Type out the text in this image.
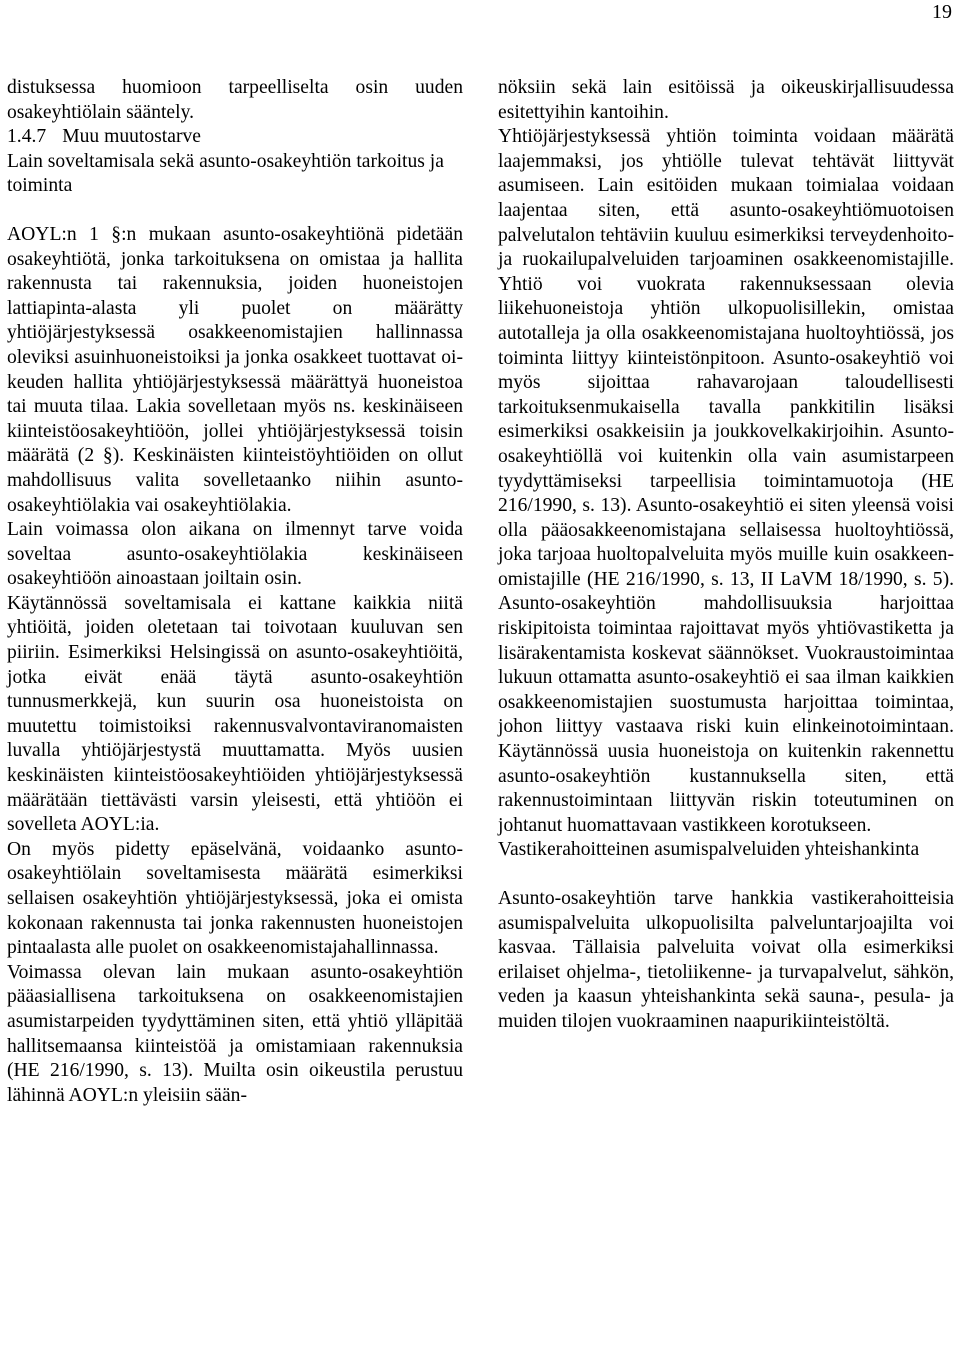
19

distuksessa huomioon tarpeelliselta osin uuden osakeyhtiölain sääntely.

1.4.7 Muu muutostarve
Lain soveltamisala sekä asunto-osakeyhtiön tarkoitus ja toiminta

AOYL:n 1 §:n mukaan asunto-osakeyhtiönä pidetään osakeyhtiötä, jonka tarkoituksena on omistaa ja hallita rakennusta tai rakennuksia, joiden huoneistojen lattiapinta-alasta yli puolet on määrätty yhtiöjärjestyksessä osakkeenomistajien hallinnassa oleviksi asuinhuoneistoiksi ja jonka osakkeet tuottavat oikeuden hallita yhtiöjärjestyksessä määrättyä huoneistoa tai muuta tilaa. Lakia sovelletaan myös ns. keskinäiseen kiinteistöosakeyhtiöön, jollei yhtiöjärjestyksessä toisin määrätä (2 §). Keskinäisten kiinteistöyhtiöiden on ollut mahdollisuus valita sovelletaanko niihin asunto-osakeyhtiölakia vai osakeyhtiölakia.

Lain voimassa olon aikana on ilmennyt tarve voida soveltaa asunto-osakeyhtiölakia keskinäiseen osakeyhtiöön ainoastaan joiltain osin.

Käytännössä soveltamisala ei kattane kaikkia niitä yhtiöitä, joiden oletetaan tai toivotaan kuuluvan sen piiriin. Esimerkiksi Helsingissä on asunto-osakeyhtiöitä, jotka eivät enää täytä asunto-osakeyhtiön tunnusmerkkejä, kun suurin osa huoneistoista on muutettu toimistoiksi rakennusvalvontaviranomaisten luvalla yhtiöjärjestystä muuttamatta. Myös uusien keskinäisten kiinteistöosakeyhtiöiden yhtiöjärjestyksessä määrätään tiettävästi varsin yleisesti, että yhtiöön ei sovelleta AOYL:ia.

On myös pidetty epäselvänä, voidaanko asunto-osakeyhtiölain soveltamisesta määrätä esimerkiksi sellaisen osakeyhtiön yhtiöjärjestyksessä, joka ei omista kokonaan rakennusta tai jonka rakennusten huoneistojen pintaalasta alle puolet on osakkeenomistajahallinnassa.

Voimassa olevan lain mukaan asunto-osakeyhtiön pääasiallisena tarkoituksena on osakkeenomistajien asumistarpeiden tyydyttäminen siten, että yhtiö ylläpitää hallitsemaansa kiinteistöä ja omistamiaan rakennuksia (HE 216/1990, s. 13). Muilta osin oikeustila perustuu lähinnä AOYL:n yleisiin sään-

nöksiin sekä lain esitöissä ja oikeuskirjallisuudessa esitettyihin kantoihin.

Yhtiöjärjestyksessä yhtiön toiminta voidaan määrätä laajemmaksi, jos yhtiölle tulevat tehtävät liittyvät asumiseen. Lain esitöiden mukaan toimialaa voidaan laajentaa siten, että asunto-osakeyhtiömuotoisen palvelutalon tehtäviin kuuluu esimerkiksi terveydenhoitoja ruokailupalveluiden tarjoaminen osakkeenomistajille. Yhtiö voi vuokrata rakennuksessaan olevia liikehuoneistoja yhtiön ulkopuolisillekin, omistaa autotalleja ja olla osakkeenomistajana huoltoyhtiössä, jos toiminta liittyy kiinteistönpitoon. Asunto-osakeyhtiö voi myös sijoittaa rahavarojaan taloudellisesti tarkoituksenmukaisella tavalla pankkitilin lisäksi esimerkiksi osakkeisiin ja joukkovelkakirjoihin. Asunto-osakeyhtiöllä voi kuitenkin olla vain asumistarpeen tyydyttämiseksi tarpeellisia toimintamuotoja (HE 216/1990, s. 13). Asunto-osakeyhtiö ei siten yleensä voisi olla pääosakkeenomistajana sellaisessa huoltoyhtiössä, joka tarjoaa huoltopalveluita myös muille kuin osakkeenomistajille (HE 216/1990, s. 13, II LaVM 18/1990, s. 5). Asunto-osakeyhtiön mahdollisuuksia harjoittaa riskipitoista toimintaa rajoittavat myös yhtiövastiketta ja lisärakentamista koskevat säännökset. Vuokraustoimintaa lukuun ottamatta asunto-osakeyhtiö ei saa ilman kaikkien osakkeenomistajien suostumusta harjoittaa toimintaa, johon liittyy vastaava riski kuin elinkeinotoimintaan. Käytännössä uusia huoneistoja on kuitenkin rakennettu asunto-osakeyhtiön kustannuksella siten, että rakennustoimintaan liittyvän riskin toteutuminen on johtanut huomattavaan vastikkeen korotukseen.

Vastikerahoitteinen asumispalveluiden yhteishankinta

Asunto-osakeyhtiön tarve hankkia vastikerahoitteisia asumispalveluita ulkopuolisilta palveluntarjoajilta voi kasvaa. Tällaisia palveluita voivat olla esimerkiksi erilaiset ohjelma-, tietoliikenne- ja turvapalvelut, sähkön, veden ja kaasun yhteishankinta sekä sauna-, pesula- ja muiden tilojen vuokraaminen naapurikiinteistöltä.
